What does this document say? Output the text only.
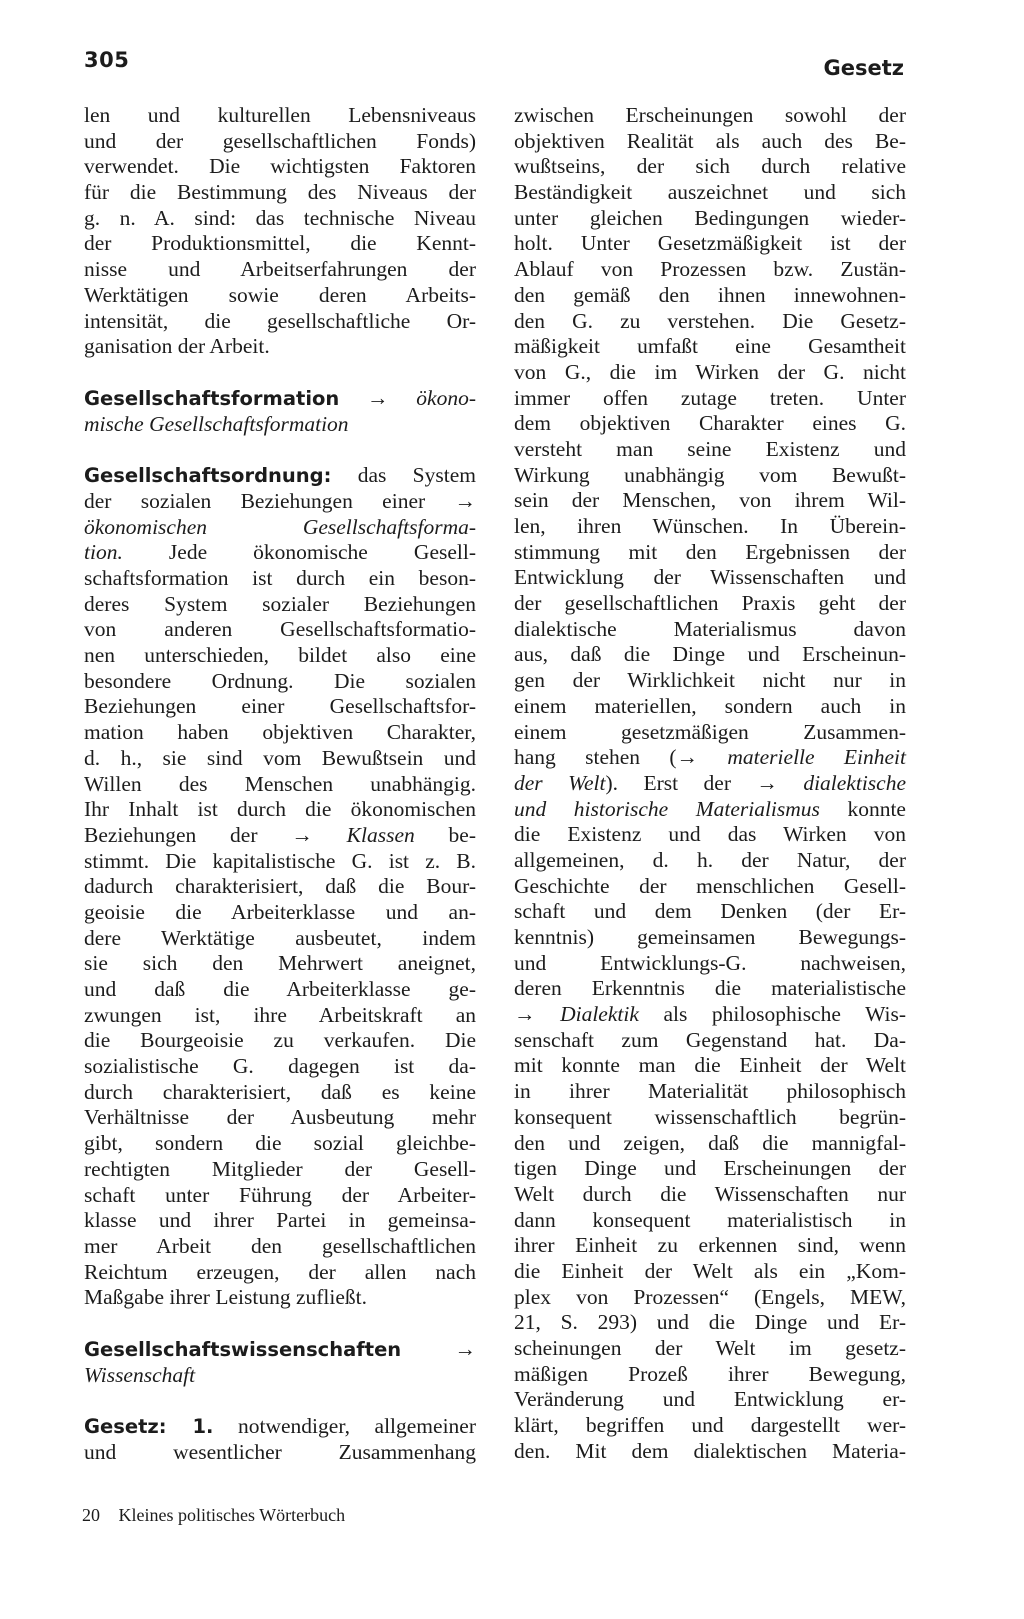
305	Gesetz
len und kulturellen Lebensniveaus
und der gesellschaftlichen Fonds)
verwendet. Die wichtigsten Faktoren
für die Bestimmung des Niveaus der
g. n. A. sind: das technische Niveau
der Produktionsmittel, die Kennt-
nisse und Arbeitserfahrungen der
Werktätigen sowie deren Arbeits-
intensität, die gesellschaftliche Or-
ganisation der Arbeit.
Gesellschaftsformation → ökono-
mische Gesellschaftsformation
Gesellschaftsordnung: das System
der sozialen Beziehungen einer →
ökonomischen Gesellschaftsforma-
tion. Jede ökonomische Gesell-
schaftsformation ist durch ein beson-
deres System sozialer Beziehungen
von anderen Gesellschaftsformatio-
nen unterschieden, bildet also eine
besondere Ordnung. Die sozialen
Beziehungen einer Gesellschaftsfor-
mation haben objektiven Charakter,
d. h., sie sind vom Bewußtsein und
Willen des Menschen unabhängig.
Ihr Inhalt ist durch die ökonomischen
Beziehungen der → Klassen be-
stimmt. Die kapitalistische G. ist z. B.
dadurch charakterisiert, daß die Bour-
geoisie die Arbeiterklasse und an-
dere Werktätige ausbeutet, indem
sie sich den Mehrwert aneignet,
und daß die Arbeiterklasse ge-
zwungen ist, ihre Arbeitskraft an
die Bourgeoisie zu verkaufen. Die
sozialistische G. dagegen ist da-
durch charakterisiert, daß es keine
Verhältnisse der Ausbeutung mehr
gibt, sondern die sozial gleichbe-
rechtigten Mitglieder der Gesell-
schaft unter Führung der Arbeiter-
klasse und ihrer Partei in gemeinsa-
mer Arbeit den gesellschaftlichen
Reichtum erzeugen, der allen nach
Maßgabe ihrer Leistung zufließt.
Gesellschaftswissenschaften →
Wissenschaft
Gesetz: 1. notwendiger, allgemeiner
und wesentlicher Zusammenhang
zwischen Erscheinungen sowohl der
objektiven Realität als auch des Be-
wußtseins, der sich durch relative
Beständigkeit auszeichnet und sich
unter gleichen Bedingungen wieder-
holt. Unter Gesetzmäßigkeit ist der
Ablauf von Prozessen bzw. Zustän-
den gemäß den ihnen innewohnen-
den G. zu verstehen. Die Gesetz-
mäßigkeit umfaßt eine Gesamtheit
von G., die im Wirken der G. nicht
immer offen zutage treten. Unter
dem objektiven Charakter eines G.
versteht man seine Existenz und
Wirkung unabhängig vom Bewußt-
sein der Menschen, von ihrem Wil-
len, ihren Wünschen. In Überein-
stimmung mit den Ergebnissen der
Entwicklung der Wissenschaften und
der gesellschaftlichen Praxis geht der
dialektische Materialismus davon
aus, daß die Dinge und Erscheinun-
gen der Wirklichkeit nicht nur in
einem materiellen, sondern auch in
einem gesetzmäßigen Zusammen-
hang stehen (→ materielle Einheit
der Welt). Erst der → dialektische
und historische Materialismus konnte
die Existenz und das Wirken von
allgemeinen, d. h. der Natur, der
Geschichte der menschlichen Gesell-
schaft und dem Denken (der Er-
kenntnis) gemeinsamen Bewegungs-
und Entwicklungs-G. nachweisen,
deren Erkenntnis die materialistische
→ Dialektik als philosophische Wis-
senschaft zum Gegenstand hat. Da-
mit konnte man die Einheit der Welt
in ihrer Materialität philosophisch
konsequent wissenschaftlich begrün-
den und zeigen, daß die mannigfal-
tigen Dinge und Erscheinungen der
Welt durch die Wissenschaften nur
dann konsequent materialistisch in
ihrer Einheit zu erkennen sind, wenn
die Einheit der Welt als ein „Kom-
plex von Prozessen“ (Engels, MEW,
21, S. 293) und die Dinge und Er-
scheinungen der Welt im gesetz-
mäßigen Prozeß ihrer Bewegung,
Veränderung und Entwicklung er-
klärt, begriffen und dargestellt wer-
den. Mit dem dialektischen Materia-
20 Kleines politisches Wörterbuch
